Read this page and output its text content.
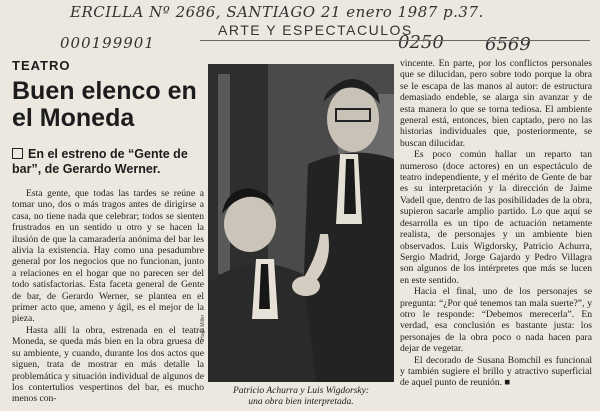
ERCILLA Nº 2686, SANTIAGO 21 enero 1987 p.37.
000199901	0250 6569
ARTE Y ESPECTACULOS
TEATRO
Buen elenco en el Moneda
En el estreno de “Gente de bar”, de Gerardo Werner.

Esta gente, que todas las tardes se reúne a tomar uno, dos o más tragos antes de dirigirse a casa, no tiene nada que celebrar; todos se sienten frustrados en un sentido u otro y se hacen la ilusión de que la camaradería anónima del bar les alivia la existencia. Hay como una pesadumbre general por los negocios que no funcionan, junto a relaciones en el hogar que no parecen ser del todo satisfactorias. Esta faceta general de Gente de bar, de Gerardo Werner, se plantea en el primer acto que, ameno y ágil, es el mejor de la pieza.

Hasta allí la obra, estrenada en el teatro Moneda, se queda más bien en la obra gruesa de su ambiente, y cuando, durante los dos actos que siguen, trata de mostrar en más detalle la problemática y situación individual de algunos de los contertulios vespertinos del bar, es mucho menos con-

Hugo Miller
Patricio Achurra y Luis Wigdorsky:
una obra bien interpretada.

vincente. En parte, por los conflictos personales que se dilucidan, pero sobre todo porque la obra se le escapa de las manos al autor: de estructura demasiado endeble, se alarga sin avanzar y de esta manera lo que se torna tediosa. El ambiente general está, entonces, bien captado, pero no las historias individuales que, posteriormente, se buscan dilucidar.

Es poco común hallar un reparto tan numeroso (doce actores) en un espectáculo de teatro independiente, y el mérito de Gente de bar es su interpretación y la dirección de Jaime Vadell que, dentro de las posibilidades de la obra, supieron sacarle amplio partido. Lo que aquí se desarrolla es un tipo de actuación netamente realista, de personajes y un ambiente bien observados. Luis Wigdorsky, Patricio Achurra, Sergio Madrid, Jorge Gajardo y Pedro Villagra son algunos de los intérpretes que más se lucen en este sentido.

Hacia el final, uno de los personajes se pregunta: “¿Por qué tenemos tan mala suerte?”, y otro le responde: “Debemos merecerla”. En verdad, esa conclusión es bastante justa: los personajes de la obra poco o nada hacen para dejar de vegetar.

El decorado de Susana Bomchil es funcional y también sugiere el brillo y atractivo superficial de aquel punto de reunión. ■
